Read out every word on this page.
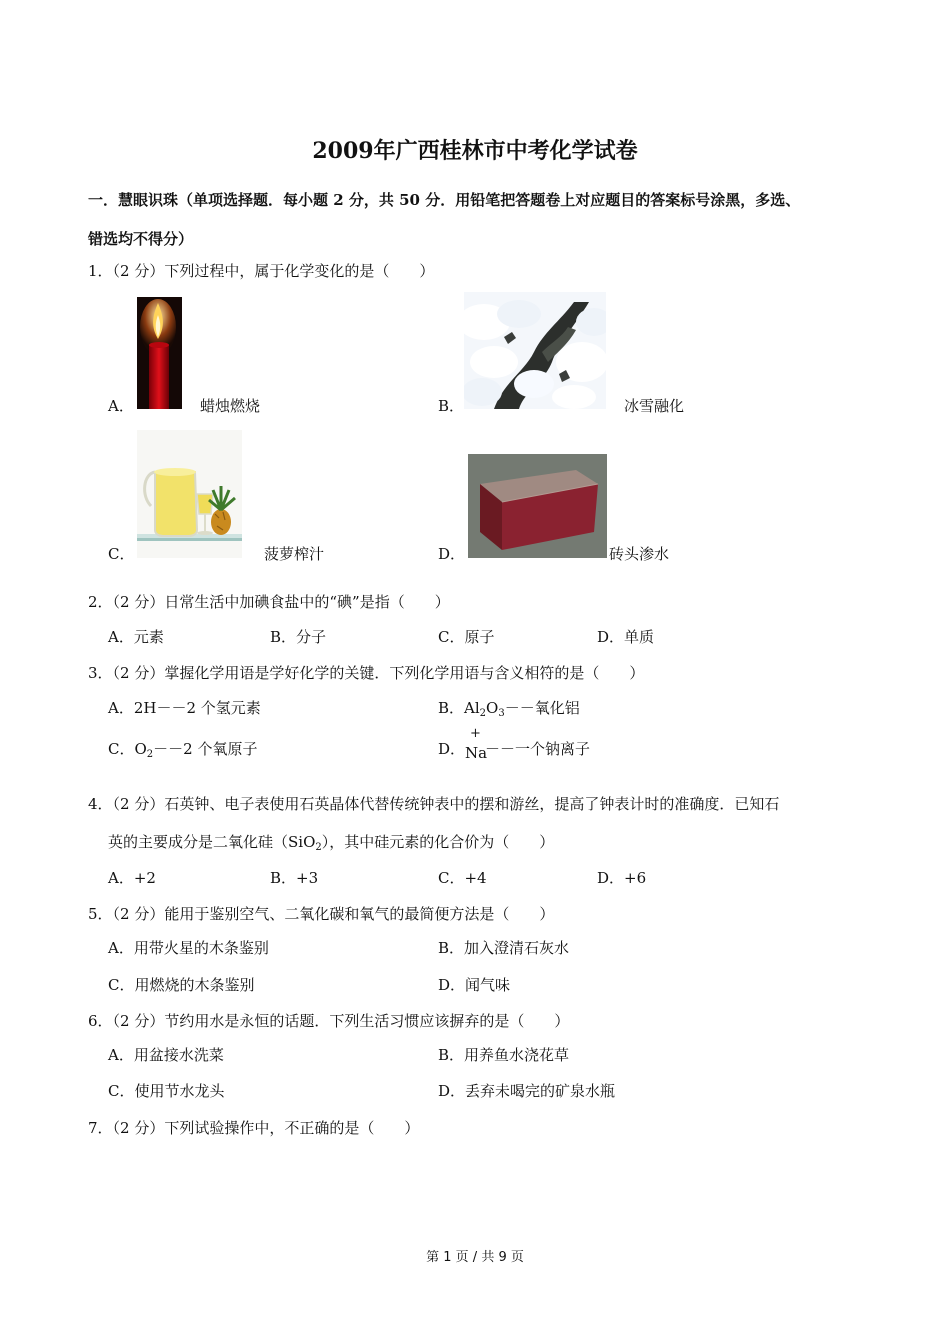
2009年广西桂林市中考化学试卷
一．慧眼识珠（单项选择题．每小题 2 分，共 50 分．用铅笔把答题卷上对应题目的答案标号涂黑，多选、
错选均不得分）
1．（2 分）下列过程中，属于化学变化的是（　　）
A．	蜡烛燃烧	B．	冰雪融化
C．	菠萝榨汁	D．	砖头渗水
2．（2 分）日常生活中加碘食盐中的“碘”是指（　　）
A．元素	B．分子	C．原子	D．单质
3．（2 分）掌握化学用语是学好化学的关键．下列化学用语与含义相符的是（　　）
A．2H－－2 个氢元素	B．$Al_2O_3--$氧化铝
C．$O_2--2$ 个氧原子	D．
+
Na
－－一个钠离子
4．（2 分）石英钟、电子表使用石英晶体代替传统钟表中的摆和游丝，提高了钟表计时的准确度．已知石
英的主要成分是二氧化硅（SiO$_2$），其中硅元素的化合价为（　　）
A．+2	B．+3	C．+4	D．+6
5．（2 分）能用于鉴别空气、二氧化碳和氧气的最简便方法是（　　）
A．用带火星的木条鉴别	B．加入澄清石灰水
C．用燃烧的木条鉴别	D．闻气味
6．（2 分）节约用水是永恒的话题．下列生活习惯应该摒弃的是（　　）
A．用盆接水洗菜	B．用养鱼水浇花草
C．使用节水龙头	D．丢弃未喝完的矿泉水瓶
7．（2 分）下列试验操作中，不正确的是（　　）
第 1 页 / 共 9 页
